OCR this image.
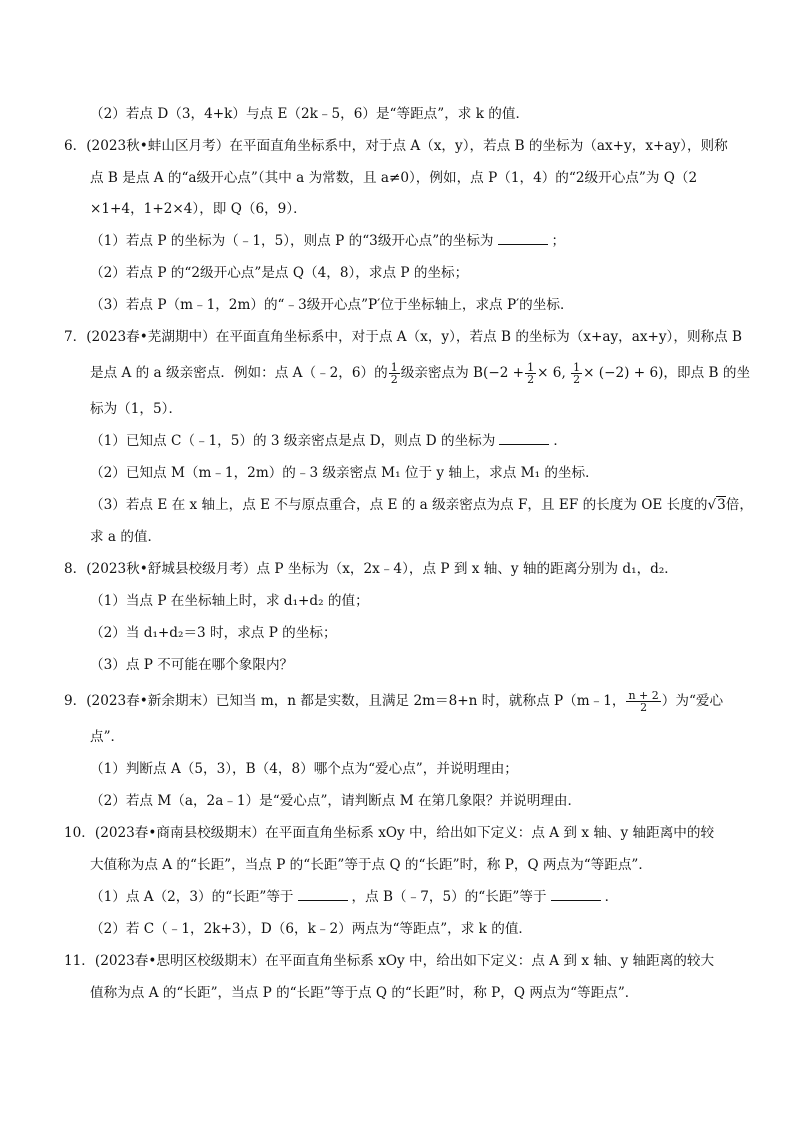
（2）若点 D（3，4+k）与点 E（2k﹣5，6）是“等距点”，求 k 的值．
6．(2023秋•蚌山区月考）在平面直角坐标系中，对于点 A（x，y），若点 B 的坐标为（ax+y，x+ay），则称
点 B 是点 A 的“a级开心点”（其中 a 为常数，且 a≠0），例如，点 P（1，4）的“2级开心点”为 Q（2
×1+4，1+2×4），即 Q（6，9）．
（1）若点 P 的坐标为（﹣1，5），则点 P 的“3级开心点”的坐标为	；
（2）若点 P 的“2级开心点”是点 Q（4，8），求点 P 的坐标；
（3）若点 P（m﹣1，2m）的“﹣3级开心点”P′位于坐标轴上，求点 P′的坐标．
7．(2023春•芜湖期中）在平面直角坐标系中，对于点 A（x，y），若点 B 的坐标为（x+ay，ax+y），则称点 B
是点 A 的 a 级亲密点．例如：点 A（﹣2，6）的 $\frac{1}{2}$ 级亲密点为 $B(-2 + \frac{1}{2} \times 6$, $\frac{1}{2} \times (-2) + 6$)，即点 B 的坐
标为（1，5）．
（1）已知点 C（﹣1，5）的 3 级亲密点是点 D，则点 D 的坐标为	．
（2）已知点 M（m﹣1，2m）的﹣3 级亲密点 M₁ 位于 y 轴上，求点 M₁ 的坐标．
（3）若点 E 在 x 轴上，点 E 不与原点重合，点 E 的 a 级亲密点为点 F，且 EF 的长度为 OE 长度的√3倍，
求 a 的值．
8．(2023秋•舒城县校级月考）点 P 坐标为（x，2x﹣4），点 P 到 x 轴、y 轴的距离分别为 d₁，d₂．
（1）当点 P 在坐标轴上时，求 d₁+d₂ 的值；
（2）当 d₁+d₂＝3 时，求点 P 的坐标；
（3）点 P 不可能在哪个象限内？
9．(2023春•新余期末）已知当 m，n 都是实数，且满足 2m＝8+n 时，就称点 P（m﹣1， $\frac{n + 2}{2}$ ）为“爱心
点”．
（1）判断点 A（5，3），B（4，8）哪个点为“爱心点”，并说明理由；
（2）若点 M（a，2a﹣1）是“爱心点”，请判断点 M 在第几象限？并说明理由．
10．(2023春•商南县校级期末）在平面直角坐标系 xOy 中，给出如下定义：点 A 到 x 轴、y 轴距离中的较
大值称为点 A 的“长距”，当点 P 的“长距”等于点 Q 的“长距”时，称 P，Q 两点为“等距点”．
（1）点 A（2，3）的“长距”等于	，点 B（﹣7，5）的“长距”等于	．
（2）若 C（﹣1，2k+3），D（6，k﹣2）两点为“等距点”，求 k 的值．
11．(2023春•思明区校级期末）在平面直角坐标系 xOy 中，给出如下定义：点 A 到 x 轴、y 轴距离的较大
值称为点 A 的“长距”，当点 P 的“长距”等于点 Q 的“长距”时，称 P，Q 两点为“等距点”．
